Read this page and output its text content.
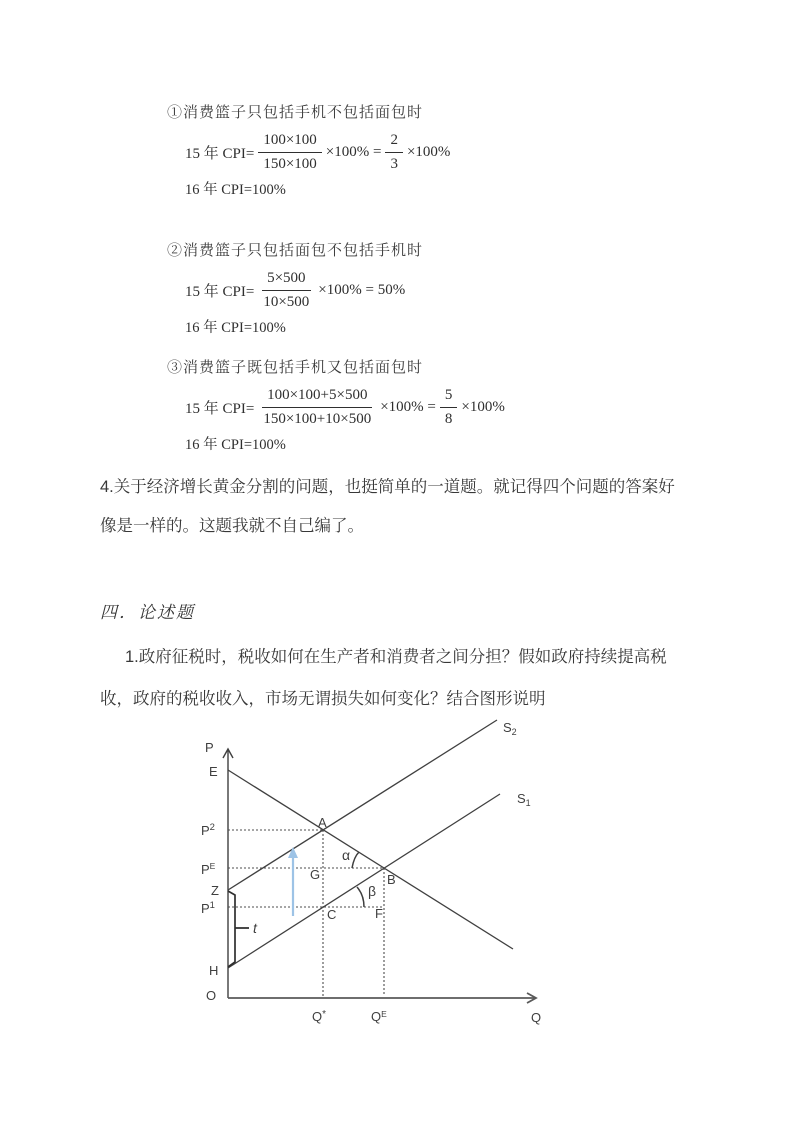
①消费篮子只包括手机不包括面包时
15 年 $CPI= \frac{100\times 100}{150\times 100} \times 100\% = \frac{2}{3} \times 100\%$
16 年 CPI=100%
②消费篮子只包括面包不包括手机时
15 年 $CPI= \frac{5\times 500}{10\times 500} \times 100\% = 50\%$
16 年 CPI=100%
③消费篮子既包括手机又包括面包时
15 年 $CPI= \frac{100\times 100+5\times 500}{150\times 100+10\times 500} \times 100\% = \frac{5}{8} \times 100\%$
16 年 CPI=100%
4.关于经济增长黄金分割的问题，也挺简单的一道题。就记得四个问题的答案好
像是一样的。这题我就不自己编了。
四．论述题
1.政府征税时，税收如何在生产者和消费者之间分担？假如政府持续提高税
收，政府的税收收入，市场无谓损失如何变化？结合图形说明
P
E
$P^2$
$P^E$
Z
$P^1$
H
O
Q*	$Q^E$	Q
$S_2$
$S_1$
A
G	B
C	F
α
β
t
